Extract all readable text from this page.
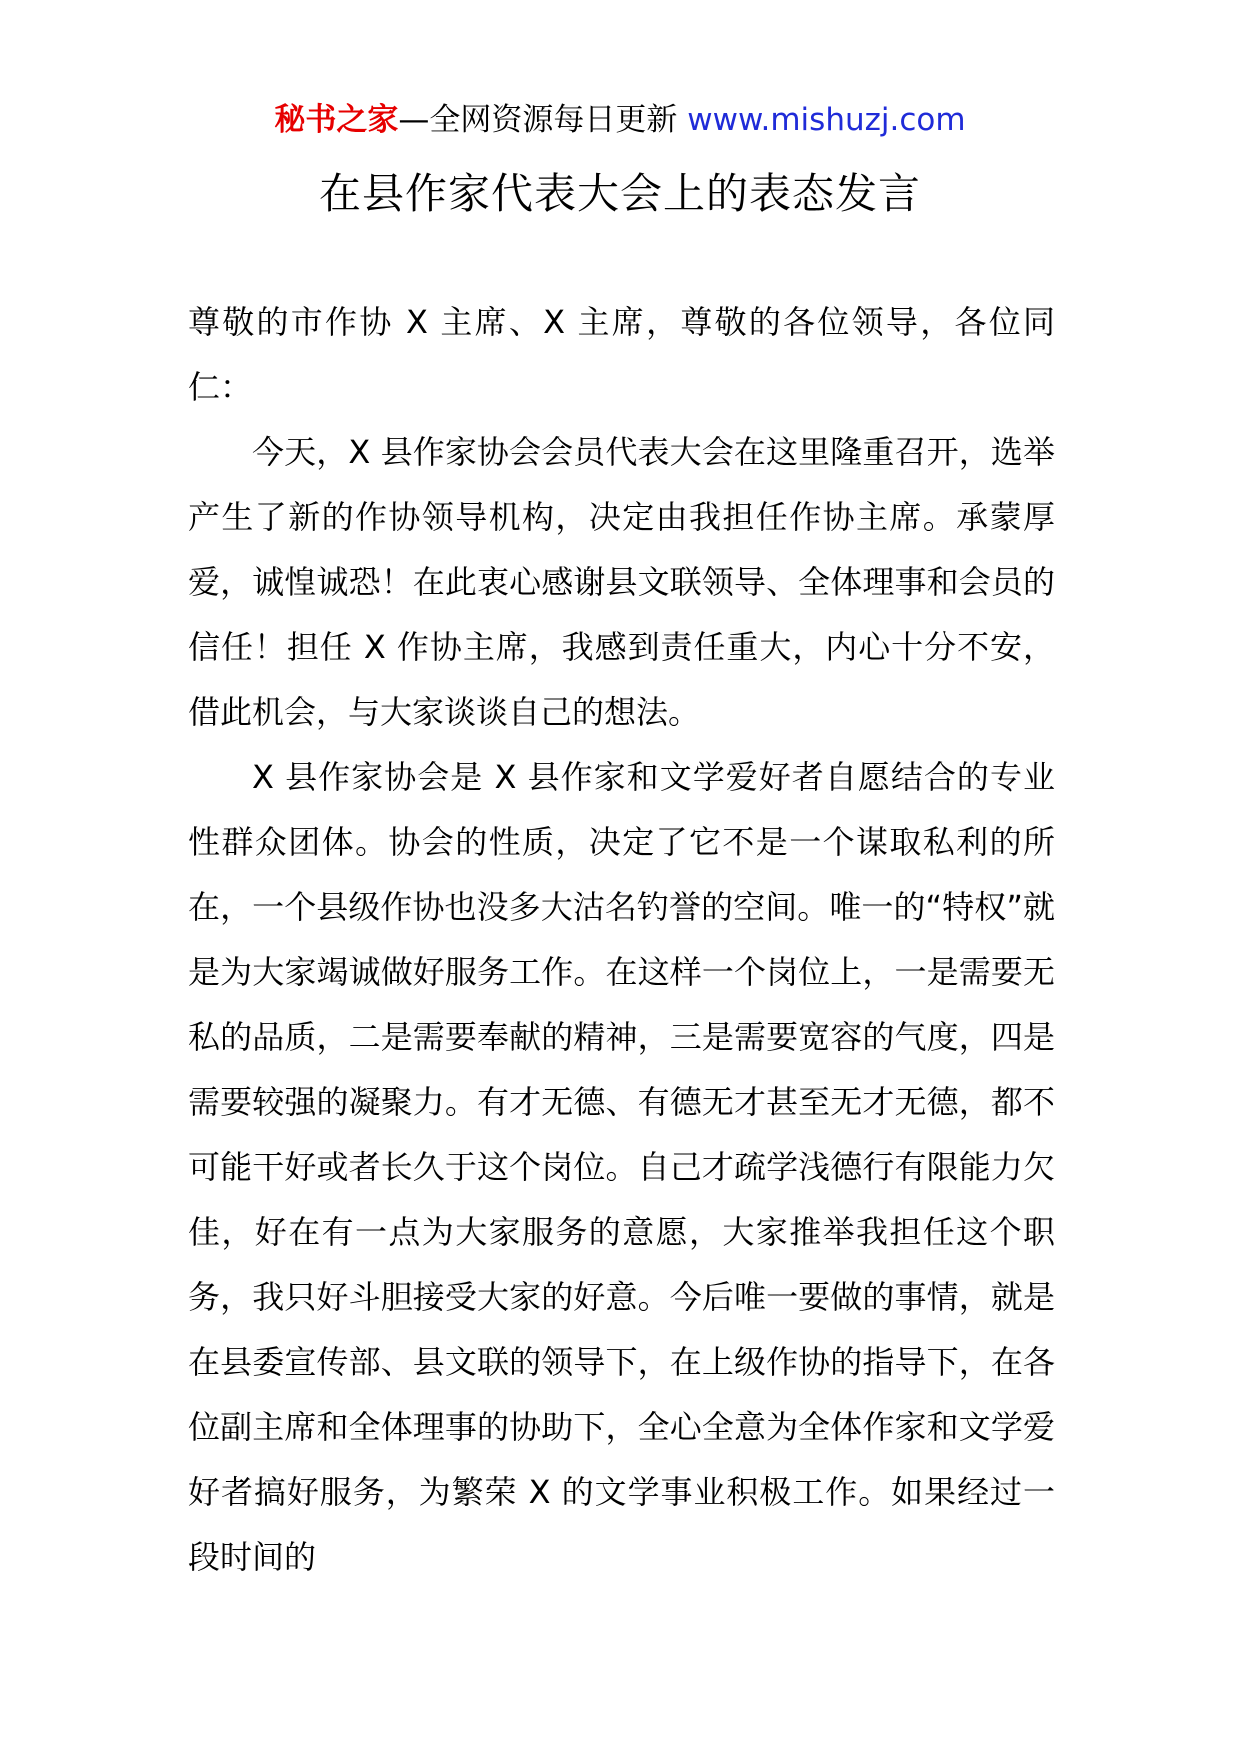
秘书之家—全网资源每日更新 www.mishuzj.com
在县作家代表大会上的表态发言

尊敬的市作协 X 主席、X 主席，尊敬的各位领导，各位同仁：

今天，X 县作家协会会员代表大会在这里隆重召开，选举产生了新的作协领导机构，决定由我担任作协主席。承蒙厚爱，诚惶诚恐！在此衷心感谢县文联领导、全体理事和会员的信任！担任 X 作协主席，我感到责任重大，内心十分不安，借此机会，与大家谈谈自己的想法。

X 县作家协会是 X 县作家和文学爱好者自愿结合的专业性群众团体。协会的性质，决定了它不是一个谋取私利的所在，一个县级作协也没多大沽名钓誉的空间。唯一的“特权”就是为大家竭诚做好服务工作。在这样一个岗位上，一是需要无私的品质，二是需要奉献的精神，三是需要宽容的气度，四是需要较强的凝聚力。有才无德、有德无才甚至无才无德，都不可能干好或者长久于这个岗位。自己才疏学浅德行有限能力欠佳，好在有一点为大家服务的意愿，大家推举我担任这个职务，我只好斗胆接受大家的好意。今后唯一要做的事情，就是在县委宣传部、县文联的领导下，在上级作协的指导下，在各位副主席和全体理事的协助下，全心全意为全体作家和文学爱好者搞好服务，为繁荣 X 的文学事业积极工作。如果经过一段时间的
